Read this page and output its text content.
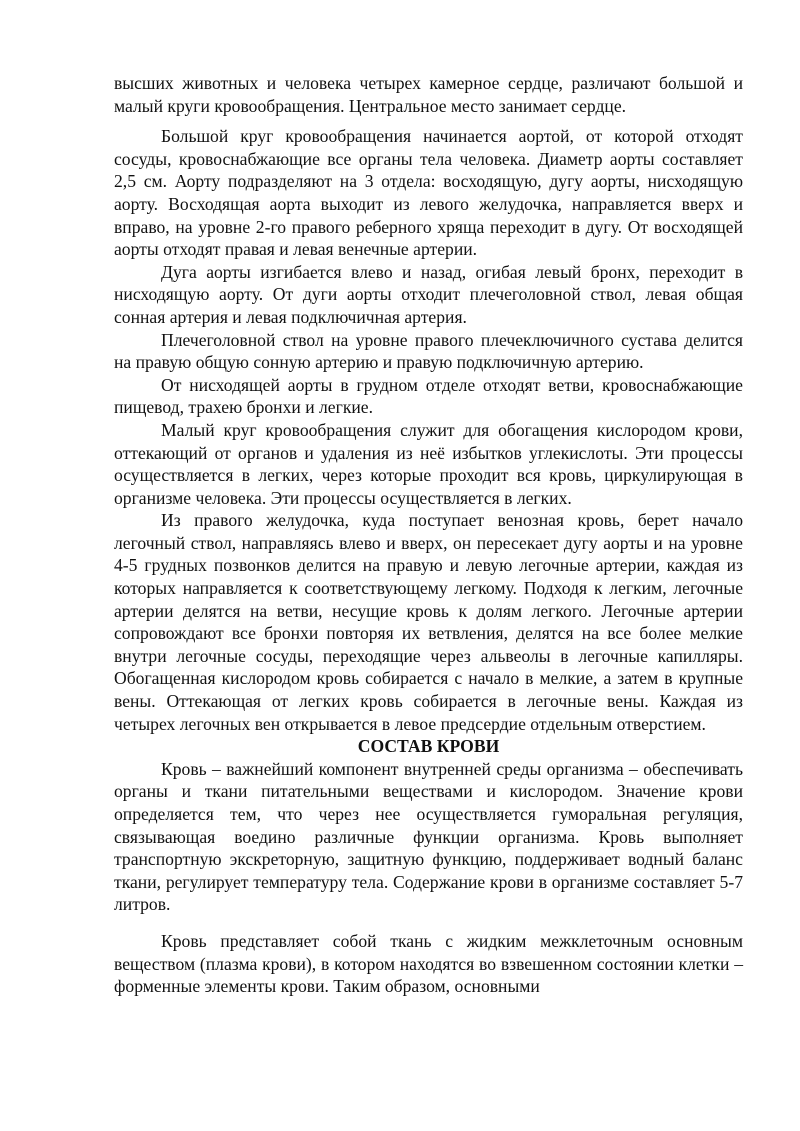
высших животных и человека четырех камерное сердце, различают большой и малый круги кровообращения. Центральное место занимает сердце.

Большой круг кровообращения начинается аортой, от которой отходят сосуды, кровоснабжающие все органы тела человека. Диаметр аорты составляет 2,5 см. Аорту подразделяют на 3 отдела: восходящую, дугу аорты, нисходящую аорту. Восходящая аорта выходит из левого желудочка, направляется вверх и вправо, на уровне 2-го правого реберного хряща переходит в дугу. От восходящей аорты отходят правая и левая венечные артерии.

Дуга аорты изгибается влево и назад, огибая левый бронх, переходит в нисходящую аорту. От дуги аорты отходит плечеголовной ствол, левая общая сонная артерия и левая подключичная артерия.

Плечеголовной ствол на уровне правого плечеключичного сустава делится на правую общую сонную артерию и правую подключичную артерию.

От нисходящей аорты в грудном отделе отходят ветви, кровоснабжающие пищевод, трахею бронхи и легкие.

Малый круг кровообращения служит для обогащения кислородом крови, оттекающий от органов и удаления из неё избытков углекислоты. Эти процессы осуществляется в легких, через которые проходит вся кровь, циркулирующая в организме человека. Эти процессы осуществляется в легких.

Из правого желудочка, куда поступает венозная кровь, берет начало легочный ствол, направляясь влево и вверх, он пересекает дугу аорты и на уровне 4-5 грудных позвонков делится на правую и левую легочные артерии, каждая из которых направляется к соответствующему легкому. Подходя к легким, легочные артерии делятся на ветви, несущие кровь к долям легкого. Легочные артерии сопровождают все бронхи повторяя их ветвления, делятся на все более мелкие внутри легочные сосуды, переходящие через альвеолы в легочные капилляры. Обогащенная кислородом кровь собирается с начало в мелкие, а затем в крупные вены. Оттекающая от легких кровь собирается в легочные вены. Каждая из четырех легочных вен открывается в левое предсердие отдельным отверстием.

СОСТАВ КРОВИ

Кровь – важнейший компонент внутренней среды организма – обеспечивать органы и ткани питательными веществами и кислородом. Значение крови определяется тем, что через нее осуществляется гуморальная регуляция, связывающая воедино различные функции организма. Кровь выполняет транспортную экскреторную, защитную функцию, поддерживает водный баланс ткани, регулирует температуру тела. Содержание крови в организме составляет 5-7 литров.

Кровь представляет собой ткань с жидким межклеточным основным веществом (плазма крови), в котором находятся во взвешенном состоянии клетки – форменные элементы крови. Таким образом, основными
